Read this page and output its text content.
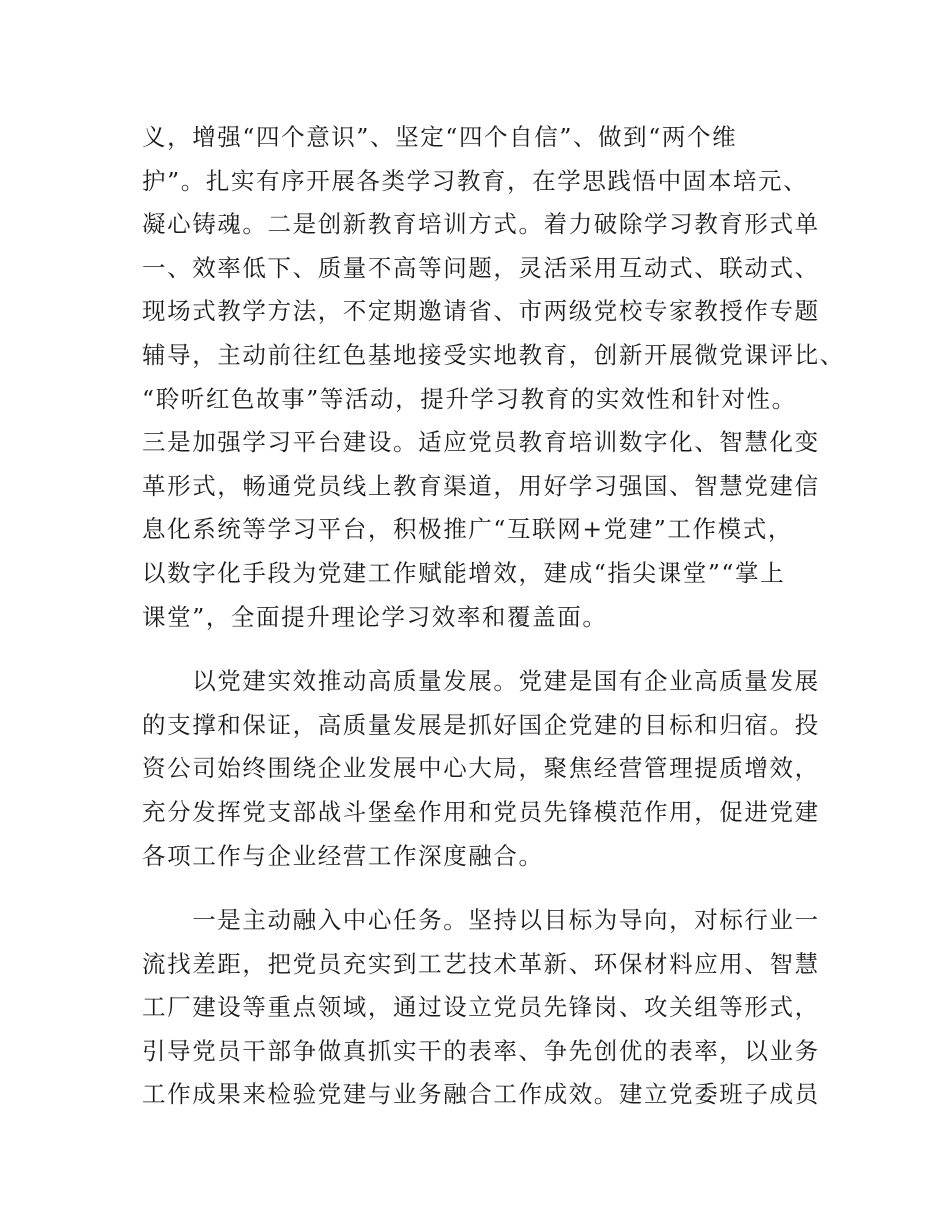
义，增强“四个意识”、坚定“四个自信”、做到“两个维
护”。扎实有序开展各类学习教育，在学思践悟中固本培元、
凝心铸魂。二是创新教育培训方式。着力破除学习教育形式单
一、效率低下、质量不高等问题，灵活采用互动式、联动式、
现场式教学方法，不定期邀请省、市两级党校专家教授作专题
辅导，主动前往红色基地接受实地教育，创新开展微党课评比、
“聆听红色故事”等活动，提升学习教育的实效性和针对性。
三是加强学习平台建设。适应党员教育培训数字化、智慧化变
革形式，畅通党员线上教育渠道，用好学习强国、智慧党建信
息化系统等学习平台，积极推广“互联网+党建”工作模式，
以数字化手段为党建工作赋能增效，建成“指尖课堂”“掌上
课堂”，全面提升理论学习效率和覆盖面。
　　以党建实效推动高质量发展。党建是国有企业高质量发展
的支撑和保证，高质量发展是抓好国企党建的目标和归宿。投
资公司始终围绕企业发展中心大局，聚焦经营管理提质增效，
充分发挥党支部战斗堡垒作用和党员先锋模范作用，促进党建
各项工作与企业经营工作深度融合。
　　一是主动融入中心任务。坚持以目标为导向，对标行业一
流找差距，把党员充实到工艺技术革新、环保材料应用、智慧
工厂建设等重点领域，通过设立党员先锋岗、攻关组等形式，
引导党员干部争做真抓实干的表率、争先创优的表率，以业务
工作成果来检验党建与业务融合工作成效。建立党委班子成员
